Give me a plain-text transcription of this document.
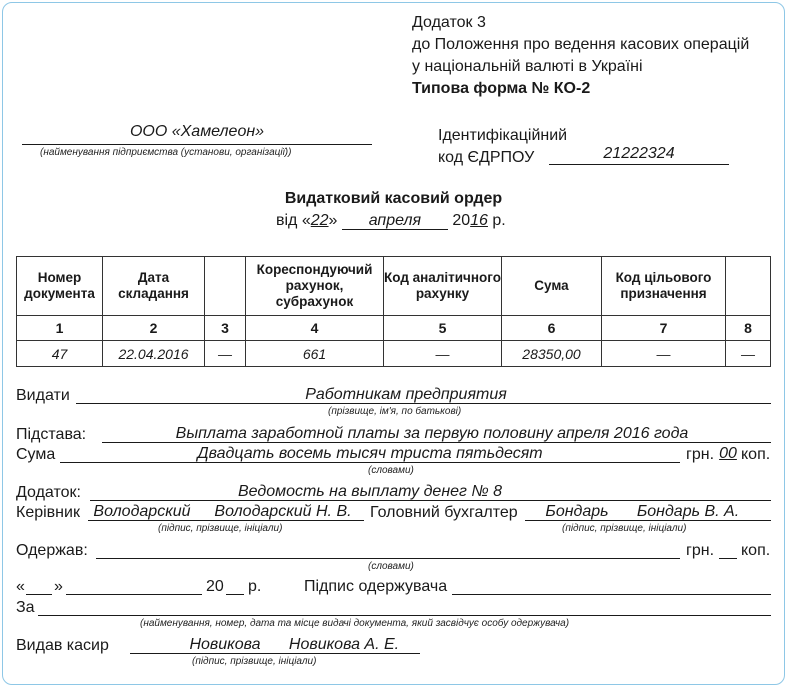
Додаток 3
до Положення про ведення касових операцій
у національній валюті в Україні
Типова форма № КО-2
ООО «Хамелеон»
(найменування підприємства (установи, організації))
Ідентифікаційний
код ЄДРПОУ	21222324
Видатковий касовий ордер
від «22» апреля 2016 р.
Номер документа	Дата складання		Кореспондуючий рахунок, субрахунок	Код аналітичного рахунку	Сума	Код цільового призначення	
1	2	3	4	5	6	7	8
47	22.04.2016	—	661	—	28350,00	—	—
Видати	Работникам предприятия
(прізвище, ім'я, по батькові)
Підстава:	Выплата заработной платы за первую половину апреля 2016 года
Сума	Двадцать восемь тысяч триста пятьдесят
(словами)
грн. 00 коп.
Додаток:	Ведомость на выплату денег № 8
Керівник Володарский	Володарский Н. В.
(підпис, прізвище, ініціали)
Головний бухгалтер	Бондарь	Бондарь В. А.
(підпис, прізвище, ініціали)
Одержав:
(словами)
грн. коп.
« »	20 р.	Підпис одержувача
За
(найменування, номер, дата та місце видачі документа, який засвідчує особу одержувача)
Видав касир	Новикова	Новикова А. Е.
(підпис, прізвище, ініціали)
